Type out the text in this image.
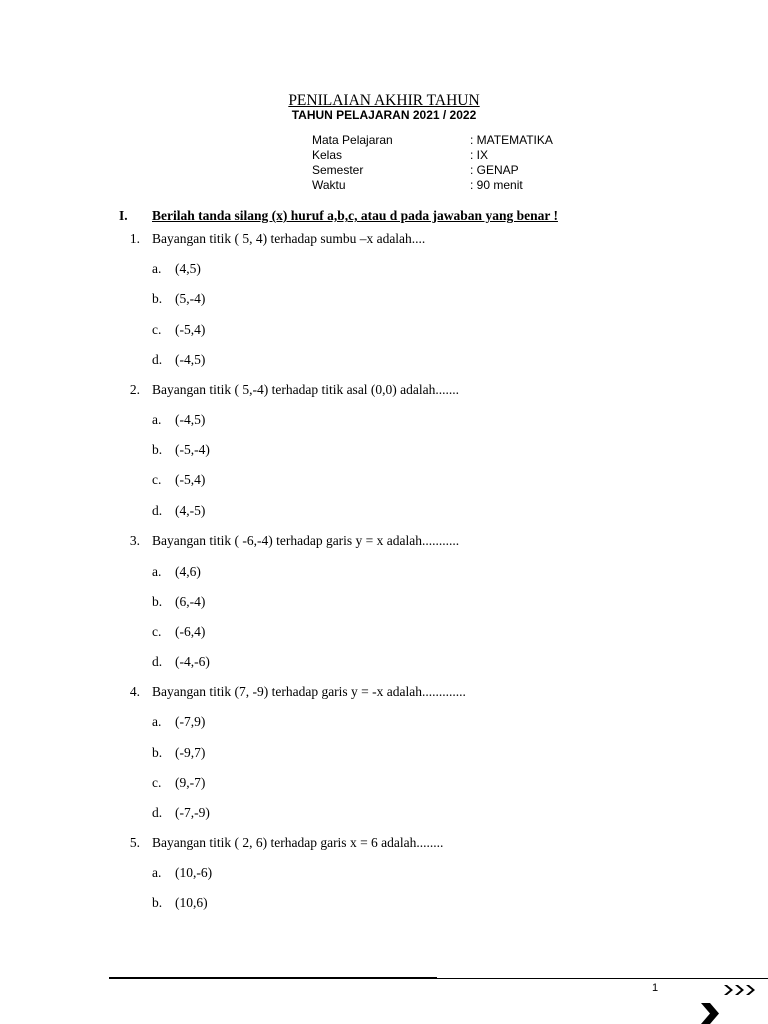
PENILAIAN AKHIR TAHUN
TAHUN PELAJARAN 2021 / 2022
Mata Pelajaran	: MATEMATIKA
Kelas	: IX
Semester	: GENAP
Waktu	: 90 menit
I. Berilah tanda silang (x) huruf a,b,c, atau d pada jawaban yang benar !
1. Bayangan titik ( 5, 4) terhadap sumbu –x adalah....
a. (4,5)
b. (5,-4)
c. (-5,4)
d. (-4,5)
2. Bayangan titik ( 5,-4) terhadap titik asal (0,0) adalah.......
a. (-4,5)
b. (-5,-4)
c. (-5,4)
d. (4,-5)
3. Bayangan titik ( -6,-4) terhadap garis y = x adalah...........
a. (4,6)
b. (6,-4)
c. (-6,4)
d. (-4,-6)
4. Bayangan titik (7, -9) terhadap garis y = -x adalah.............
a. (-7,9)
b. (-9,7)
c. (9,-7)
d. (-7,-9)
5. Bayangan titik ( 2, 6) terhadap garis x = 6 adalah........
a. (10,-6)
b. (10,6)
1
